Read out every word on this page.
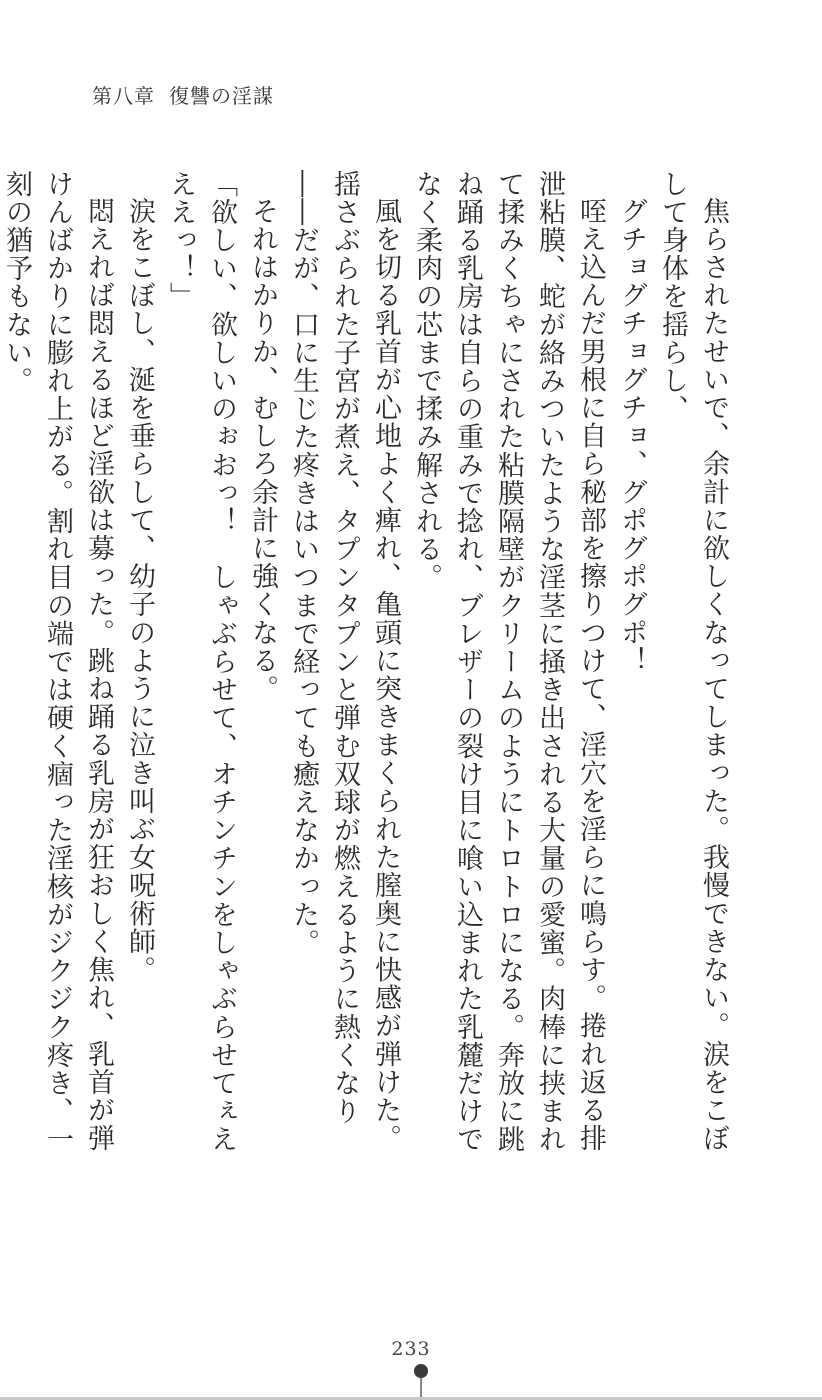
第八章 復讐の淫謀

焦らされたせいで、余計に欲しくなってしまった。我慢できない。涙をこぼして身体を揺らし、

グチョグチョグチョ、グポグポグポ！

咥え込んだ男根に自ら秘部を擦りつけて、淫穴を淫らに鳴らす。捲れ返る排泄粘膜、蛇が絡みついたような淫茎に掻き出される大量の愛蜜。肉棒に挟まれて揉みくちゃにされた粘膜隔壁がクリームのようにトロトロになる。奔放に跳ね踊る乳房は自らの重みで捻れ、ブレザーの裂け目に喰い込まれた乳麓だけでなく柔肉の芯まで揉み解される。

風を切る乳首が心地よく痺れ、亀頭に突きまくられた膣奥に快感が弾けた。揺さぶられた子宮が煮え、タプンタプンと弾む双球が燃えるように熱くなり――だが、口に生じた疼きはいつまで経っても癒えなかった。

それはかりか、むしろ余計に強くなる。

「欲しい、欲しいのぉおっ！　しゃぶらせて、オチンチンをしゃぶらせてぇえええっ！」

涙をこぼし、涎を垂らして、幼子のように泣き叫ぶ女呪術師。

悶えれば悶えるほど淫欲は募った。跳ね踊る乳房が狂おしく焦れ、乳首が弾けんばかりに膨れ上がる。割れ目の端では硬く痼った淫核がジクジク疼き、一刻の猶予もない。

233
